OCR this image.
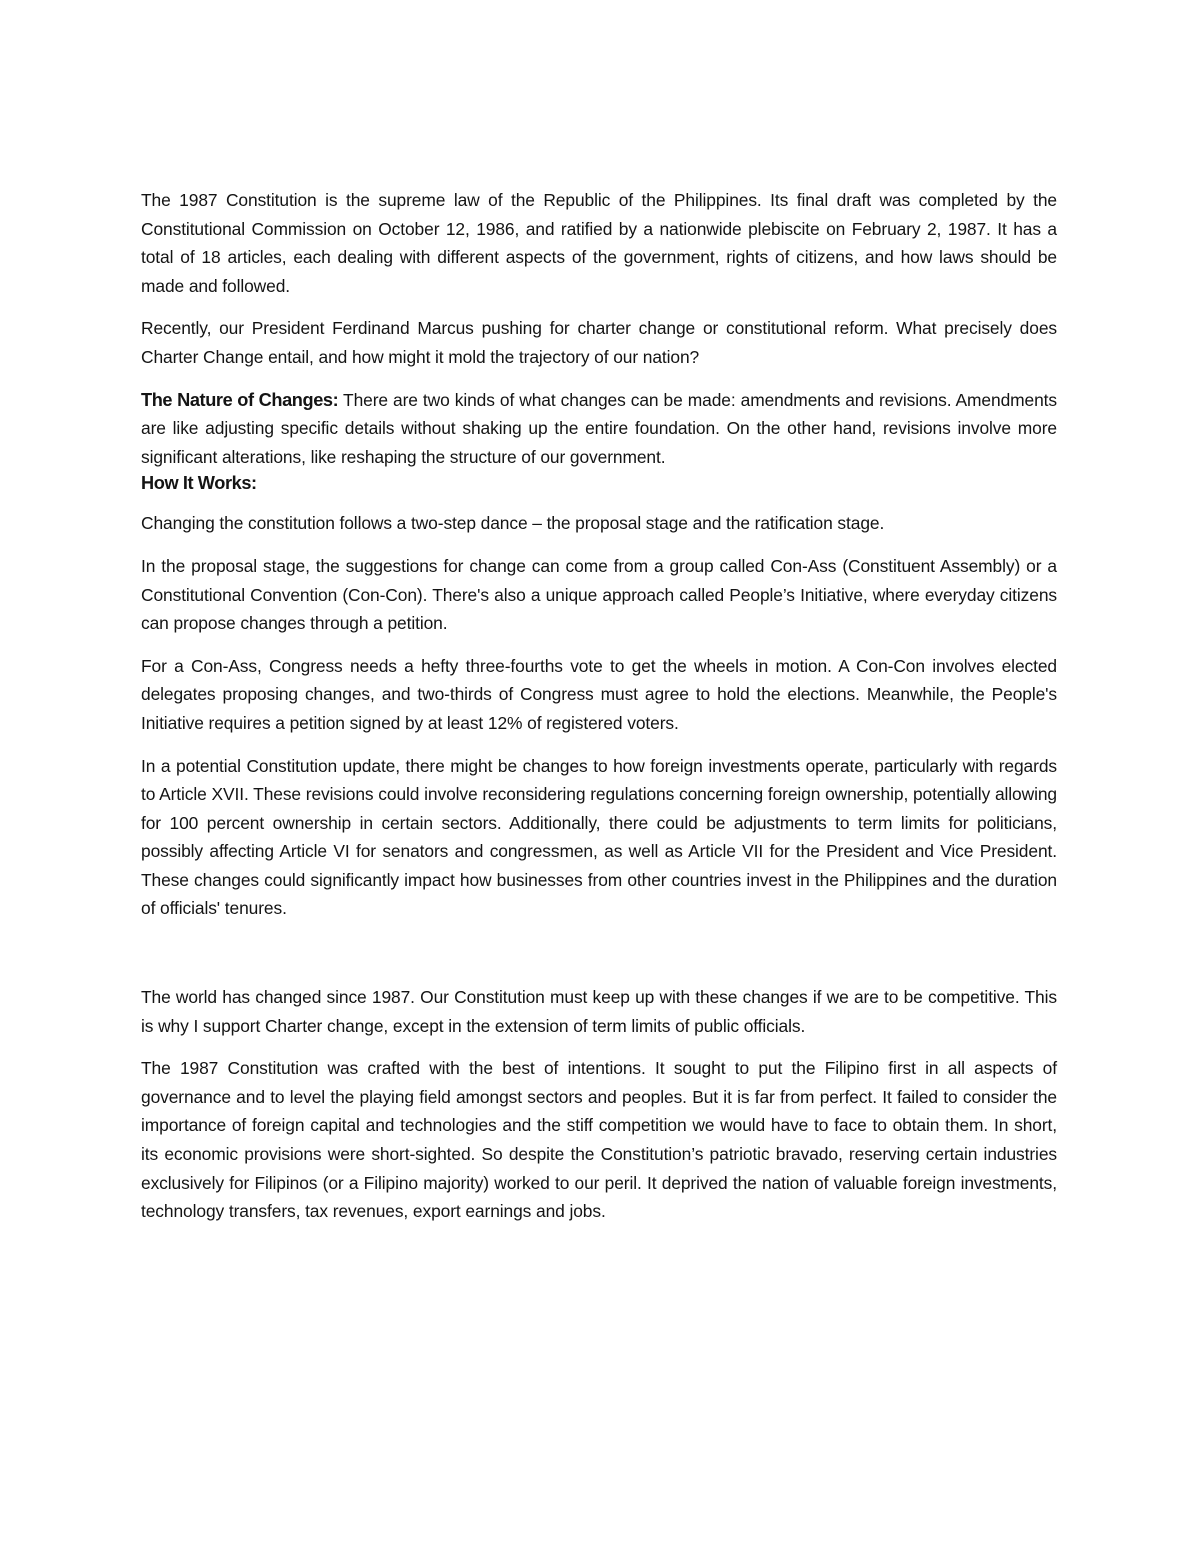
The 1987 Constitution is the supreme law of the Republic of the Philippines. Its final draft was completed by the Constitutional Commission on October 12, 1986, and ratified by a nationwide plebiscite on February 2, 1987. It has a total of 18 articles, each dealing with different aspects of the government, rights of citizens, and how laws should be made and followed.

Recently, our President Ferdinand Marcus pushing for charter change or constitutional reform. What precisely does Charter Change entail, and how might it mold the trajectory of our nation?

The Nature of Changes: There are two kinds of what changes can be made: amendments and revisions. Amendments are like adjusting specific details without shaking up the entire foundation. On the other hand, revisions involve more significant alterations, like reshaping the structure of our government.

How It Works:

Changing the constitution follows a two-step dance – the proposal stage and the ratification stage.

In the proposal stage, the suggestions for change can come from a group called Con-Ass (Constituent Assembly) or a Constitutional Convention (Con-Con). There's also a unique approach called People’s Initiative, where everyday citizens can propose changes through a petition.

For a Con-Ass, Congress needs a hefty three-fourths vote to get the wheels in motion. A Con-Con involves elected delegates proposing changes, and two-thirds of Congress must agree to hold the elections. Meanwhile, the People's Initiative requires a petition signed by at least 12% of registered voters.

In a potential Constitution update, there might be changes to how foreign investments operate, particularly with regards to Article XVII. These revisions could involve reconsidering regulations concerning foreign ownership, potentially allowing for 100 percent ownership in certain sectors. Additionally, there could be adjustments to term limits for politicians, possibly affecting Article VI for senators and congressmen, as well as Article VII for the President and Vice President. These changes could significantly impact how businesses from other countries invest in the Philippines and the duration of officials' tenures.

The world has changed since 1987. Our Constitution must keep up with these changes if we are to be competitive. This is why I support Charter change, except in the extension of term limits of public officials.

The 1987 Constitution was crafted with the best of intentions. It sought to put the Filipino first in all aspects of governance and to level the playing field amongst sectors and peoples. But it is far from perfect. It failed to consider the importance of foreign capital and technologies and the stiff competition we would have to face to obtain them. In short, its economic provisions were short-sighted. So despite the Constitution’s patriotic bravado, reserving certain industries exclusively for Filipinos (or a Filipino majority) worked to our peril. It deprived the nation of valuable foreign investments, technology transfers, tax revenues, export earnings and jobs.
